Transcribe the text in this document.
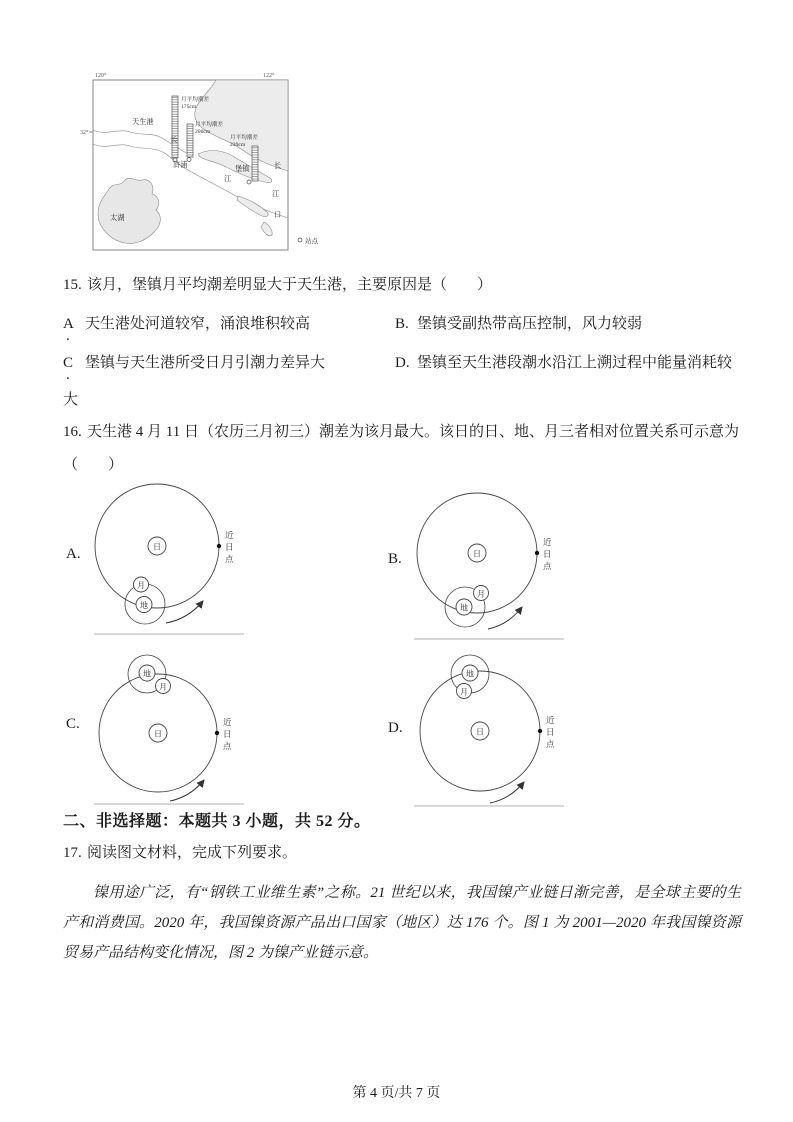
120°	122°
32°
月平均潮差
175cm
月平均潮差
200cm
月平均潮差
239cm
天生港
浒浦	堡镇
太湖
长
江
长
江
口
站点
15. 该月，堡镇月平均潮差明显大于天生港，主要原因是（　　）
A
.
天生港处河道较窄，涌浪堆积较高	B. 堡镇受副热带高压控制，风力较弱
C
.
堡镇与天生港所受日月引潮力差异大	D. 堡镇至天生港段潮水沿江上溯过程中能量消耗较
大
16. 天生港 4 月 11 日（农历三月初三）潮差为该月最大。该日的日、地、月三者相对位置关系可示意为
（　　）
A.	日
近
日
点
月
地
B.	日
近
日
点
月
地
C.
日
近
日
点
月
地
D.	日
近
日
点
月
地
二、非选择题：本题共 3 小题，共 52 分。
17. 阅读图文材料，完成下列要求。
镍用途广泛，有“钢铁工业维生素”之称。21 世纪以来，我国镍产业链日渐完善，是全球主要的生产和消费国。2020 年，我国镍资源产品出口国家（地区）达 176 个。图 1 为 2001—2020 年我国镍资源贸易产品结构变化情况，图 2 为镍产业链示意。
第 4 页/共 7 页
